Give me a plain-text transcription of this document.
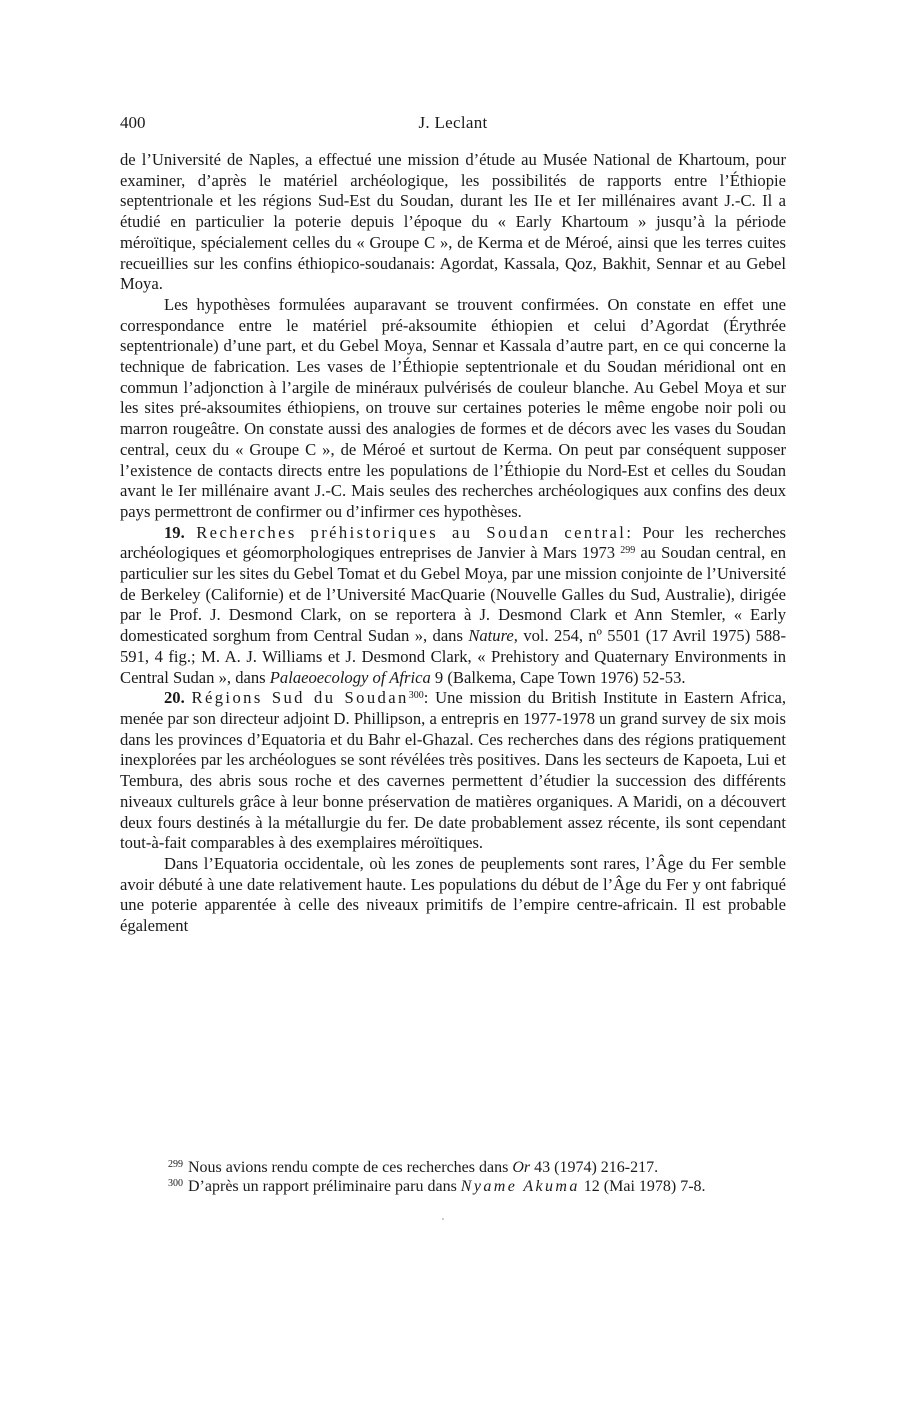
400	J. Leclant

de l’Université de Naples, a effectué une mission d’étude au Musée National de Khartoum, pour examiner, d’après le matériel archéologique, les possibilités de rapports entre l’Éthiopie septentrionale et les régions Sud-Est du Soudan, durant les IIe et Ier millénaires avant J.-C. Il a étudié en particulier la poterie depuis l’époque du « Early Khartoum » jusqu’à la période méroïtique, spécialement celles du « Groupe C », de Kerma et de Méroé, ainsi que les terres cuites recueillies sur les confins éthiopico-soudanais: Agordat, Kassala, Qoz, Bakhit, Sennar et au Gebel Moya.

Les hypothèses formulées auparavant se trouvent confirmées. On constate en effet une correspondance entre le matériel pré-aksoumite éthiopien et celui d’Agordat (Érythrée septentrionale) d’une part, et du Gebel Moya, Sennar et Kassala d’autre part, en ce qui concerne la technique de fabrication. Les vases de l’Éthiopie septentrionale et du Soudan méridional ont en commun l’adjonction à l’argile de minéraux pulvérisés de couleur blanche. Au Gebel Moya et sur les sites pré-aksoumites éthiopiens, on trouve sur certaines poteries le même engobe noir poli ou marron rougeâtre. On constate aussi des analogies de formes et de décors avec les vases du Soudan central, ceux du « Groupe C », de Méroé et surtout de Kerma. On peut par conséquent supposer l’existence de contacts directs entre les populations de l’Éthiopie du Nord-Est et celles du Soudan avant le Ier millénaire avant J.-C. Mais seules des recherches archéologiques aux confins des deux pays permettront de confirmer ou d’infirmer ces hypothèses.

19. Recherches préhistoriques au Soudan central: Pour les recherches archéologiques et géomorphologiques entreprises de Janvier à Mars 1973 $^{299}$ au Soudan central, en particulier sur les sites du Gebel Tomat et du Gebel Moya, par une mission conjointe de l’Université de Berkeley (Californie) et de l’Université MacQuarie (Nouvelle Galles du Sud, Australie), dirigée par le Prof. J. Desmond Clark, on se reportera à J. Desmond Clark et Ann Stemler, « Early domesticated sorghum from Central Sudan », dans Nature, vol. 254, nº 5501 (17 Avril 1975) 588-591, 4 fig.; M. A. J. Williams et J. Desmond Clark, « Prehistory and Quaternary Environments in Central Sudan », dans Palaeoecology of Africa 9 (Balkema, Cape Town 1976) 52-53.

20. Régions Sud du Soudan$^{300}$: Une mission du British Institute in Eastern Africa, menée par son directeur adjoint D. Phillipson, a entrepris en 1977-1978 un grand survey de six mois dans les provinces d’Equatoria et du Bahr el-Ghazal. Ces recherches dans des régions pratiquement inexplorées par les archéologues se sont révélées très positives. Dans les secteurs de Kapoeta, Lui et Tembura, des abris sous roche et des cavernes permettent d’étudier la succession des différents niveaux culturels grâce à leur bonne préservation de matières organiques. A Maridi, on a découvert deux fours destinés à la métallurgie du fer. De date probablement assez récente, ils sont cependant tout-à-fait comparables à des exemplaires méroïtiques.

Dans l’Equatoria occidentale, où les zones de peuplements sont rares, l’Âge du Fer semble avoir débuté à une date relativement haute. Les populations du début de l’Âge du Fer y ont fabriqué une poterie apparentée à celle des niveaux primitifs de l’empire centre-africain. Il est probable également

$^{299}$ Nous avions rendu compte de ces recherches dans Or 43 (1974) 216-217.

$^{300}$ D’après un rapport préliminaire paru dans Nyame Akuma 12 (Mai 1978) 7-8.
